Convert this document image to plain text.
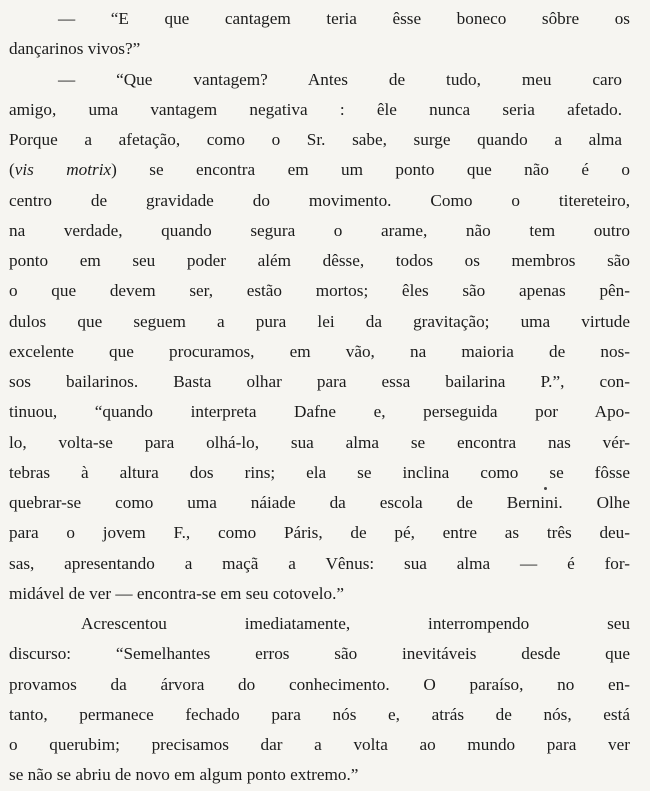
— “E que cantagem teria êsse boneco sôbre os
dançarinos vivos?”
— “Que vantagem? Antes de tudo, meu caro
amigo, uma vantagem negativa : êle nunca seria afetado.
Porque a afetação, como o Sr. sabe, surge quando a alma
(vis motrix) se encontra em um ponto que não é o
centro de gravidade do movimento. Como o titereteiro,
na verdade, quando segura o arame, não tem outro
ponto em seu poder além dêsse, todos os membros são
o que devem ser, estão mortos; êles são apenas pên-
dulos que seguem a pura lei da gravitação; uma virtude
excelente que procuramos, em vão, na maioria de nos-
sos bailarinos. Basta olhar para essa bailarina P.”, con-
tinuou, “quando interpreta Dafne e, perseguida por Apo-
lo, volta-se para olhá-lo, sua alma se encontra nas vér-
tebras à altura dos rins; ela se inclina como se fôsse
quebrar-se como uma náiade da escola de Bernini. Olhe
para o jovem F., como Páris, de pé, entre as três deu-
sas, apresentando a maçã a Vênus: sua alma — é for-
midável de ver — encontra-se em seu cotovelo.”
Acrescentou imediatamente, interrompendo seu
discurso: “Semelhantes erros são inevitáveis desde que
provamos da árvora do conhecimento. O paraíso, no en-
tanto, permanece fechado para nós e, atrás de nós, está
o querubim; precisamos dar a volta ao mundo para ver
se não se abriu de novo em algum ponto extremo.”
